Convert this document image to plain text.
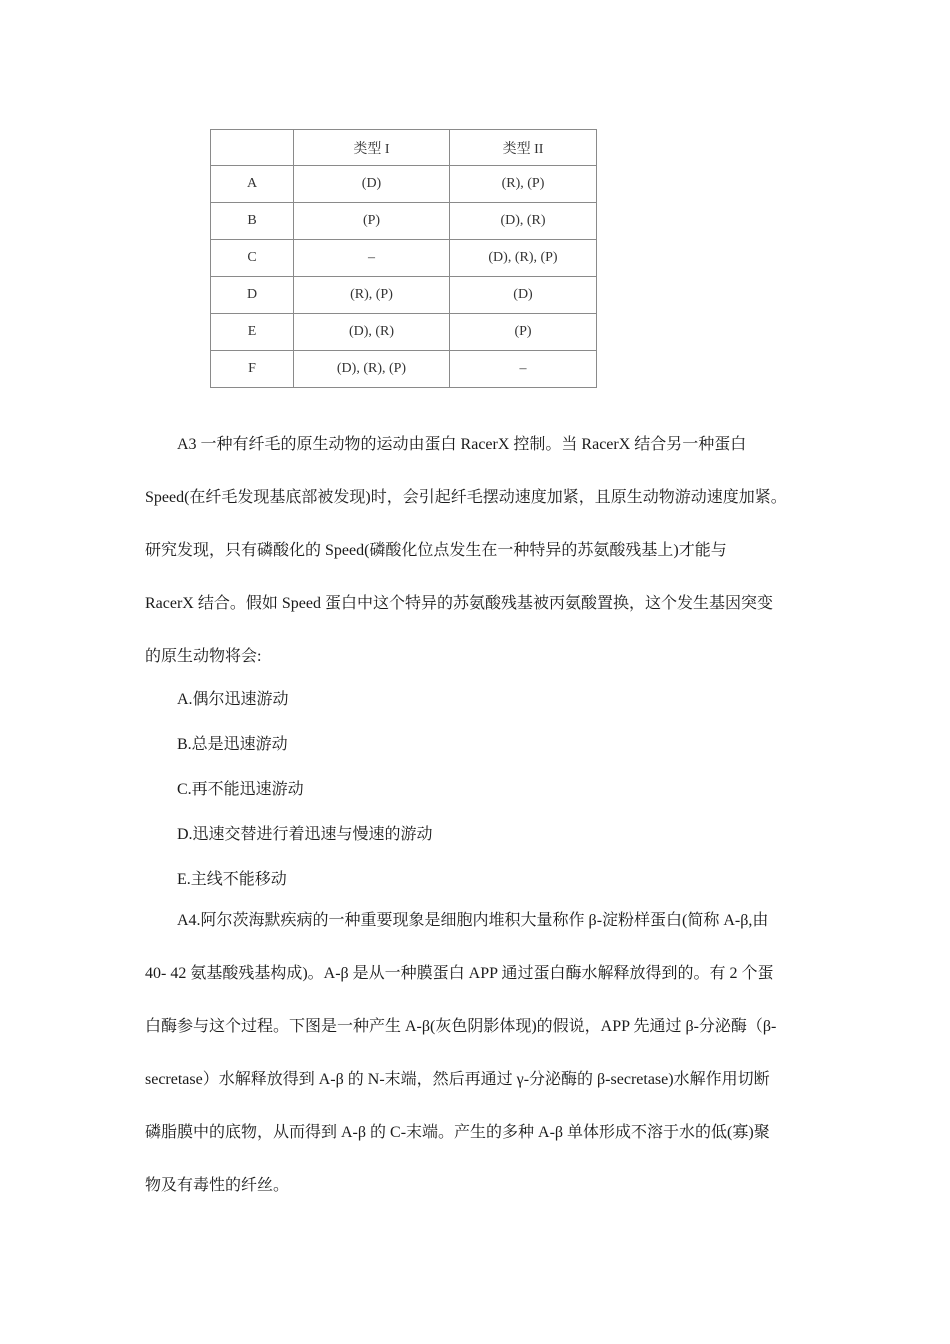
	类型 I	类型 II
A	(D)	(R), (P)
B	(P)	(D), (R)
C	–	(D), (R), (P)
D	(R), (P)	(D)
E	(D), (R)	(P)
F	(D), (R), (P)	–
A3 一种有纤毛的原生动物的运动由蛋白 RacerX 控制。当 RacerX 结合另一种蛋白
Speed(在纤毛发现基底部被发现)时，会引起纤毛摆动速度加紧，且原生动物游动速度加紧。
研究发现，只有磷酸化的 Speed(磷酸化位点发生在一种特异的苏氨酸残基上)才能与
RacerX 结合。假如 Speed 蛋白中这个特异的苏氨酸残基被丙氨酸置换，这个发生基因突变
的原生动物将会:

A.偶尔迅速游动

B.总是迅速游动

C.再不能迅速游动

D.迅速交替进行着迅速与慢速的游动

E.主线不能移动

A4.阿尔茨海默疾病的一种重要现象是细胞内堆积大量称作 β-淀粉样蛋白(简称 A-β,由
40- 42 氨基酸残基构成)。A-β 是从一种膜蛋白 APP 通过蛋白酶水解释放得到的。有 2 个蛋
白酶参与这个过程。下图是一种产生 A-β(灰色阴影体现)的假说，APP 先通过 β-分泌酶（β-
secretase）水解释放得到 A-β 的 N-末端，然后再通过 γ-分泌酶的 β-secretase)水解作用切断
磷脂膜中的底物，从而得到 A-β 的 C-末端。产生的多种 A-β 单体形成不溶于水的低(寡)聚
物及有毒性的纤丝。
